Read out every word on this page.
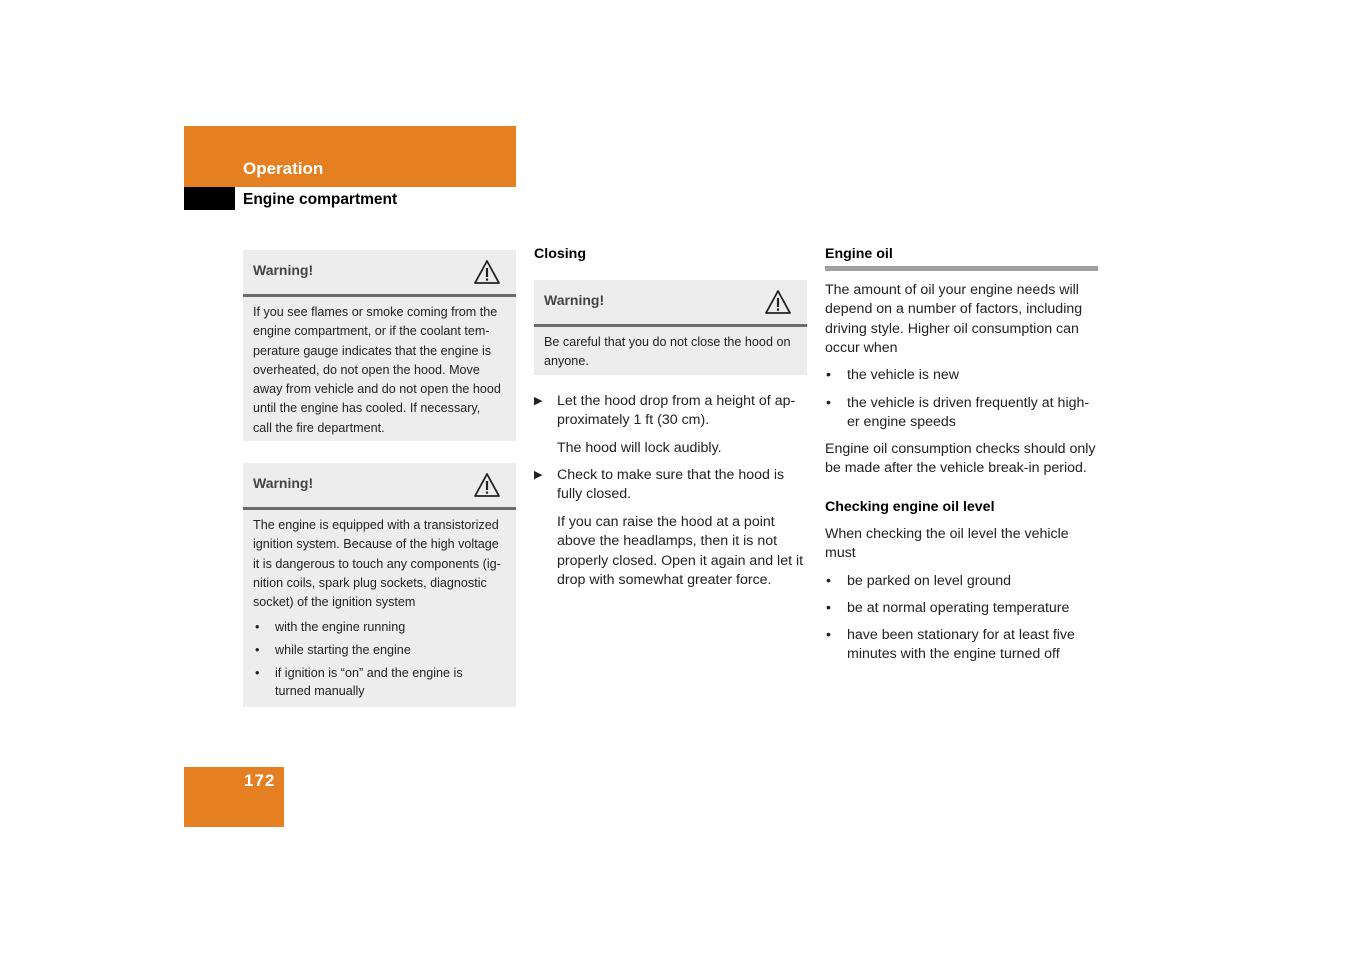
Operation
Engine compartment
Warning!
If you see flames or smoke coming from the
engine compartment, or if the coolant tem-
perature gauge indicates that the engine is
overheated, do not open the hood. Move
away from vehicle and do not open the hood
until the engine has cooled. If necessary,
call the fire department.
Warning!
The engine is equipped with a transistorized
ignition system. Because of the high voltage
it is dangerous to touch any components (ig-
nition coils, spark plug sockets, diagnostic
socket) of the ignition system
• with the engine running
• while starting the engine
• if ignition is “on” and the engine is turned manually
Closing
Warning!
Be careful that you do not close the hood on anyone.
▶ Let the hood drop from a height of ap-
proximately 1 ft (30 cm).
The hood will lock audibly.
▶ Check to make sure that the hood is
fully closed.
If you can raise the hood at a point
above the headlamps, then it is not
properly closed. Open it again and let it
drop with somewhat greater force.
Engine oil
The amount of oil your engine needs will
depend on a number of factors, including
driving style. Higher oil consumption can
occur when
• the vehicle is new
• the vehicle is driven frequently at high-
er engine speeds
Engine oil consumption checks should only
be made after the vehicle break-in period.
Checking engine oil level
When checking the oil level the vehicle
must
• be parked on level ground
• be at normal operating temperature
• have been stationary for at least five
minutes with the engine turned off
172
